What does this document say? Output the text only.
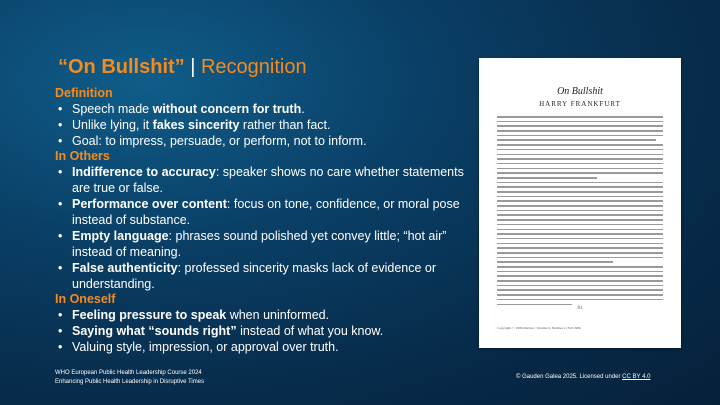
“On Bullshit” | Recognition
Definition
• Speech made without concern for truth.
• Unlike lying, it fakes sincerity rather than fact.
• Goal: to impress, persuade, or perform, not to inform.
In Others
• Indifference to accuracy: speaker shows no care whether statements are true or false.
• Performance over content: focus on tone, confidence, or moral pose instead of substance.
• Empty language: phrases sound polished yet convey little; “hot air” instead of meaning.
• False authenticity: professed sincerity masks lack of evidence or understanding.
In Oneself
• Feeling pressure to speak when uninformed.
• Saying what “sounds right” instead of what you know.
• Valuing style, impression, or approval over truth.
On Bullshit
HARRY FRANKFURT
81
Copyright © 1986 Raritan / Volume 6, Number 2, Fall 1986
WHO European Public Health Leadership Course 2024
Enhancing Public Health Leadership in Disruptive Times
© Gauden Galea 2025. Licensed under CC BY 4.0
